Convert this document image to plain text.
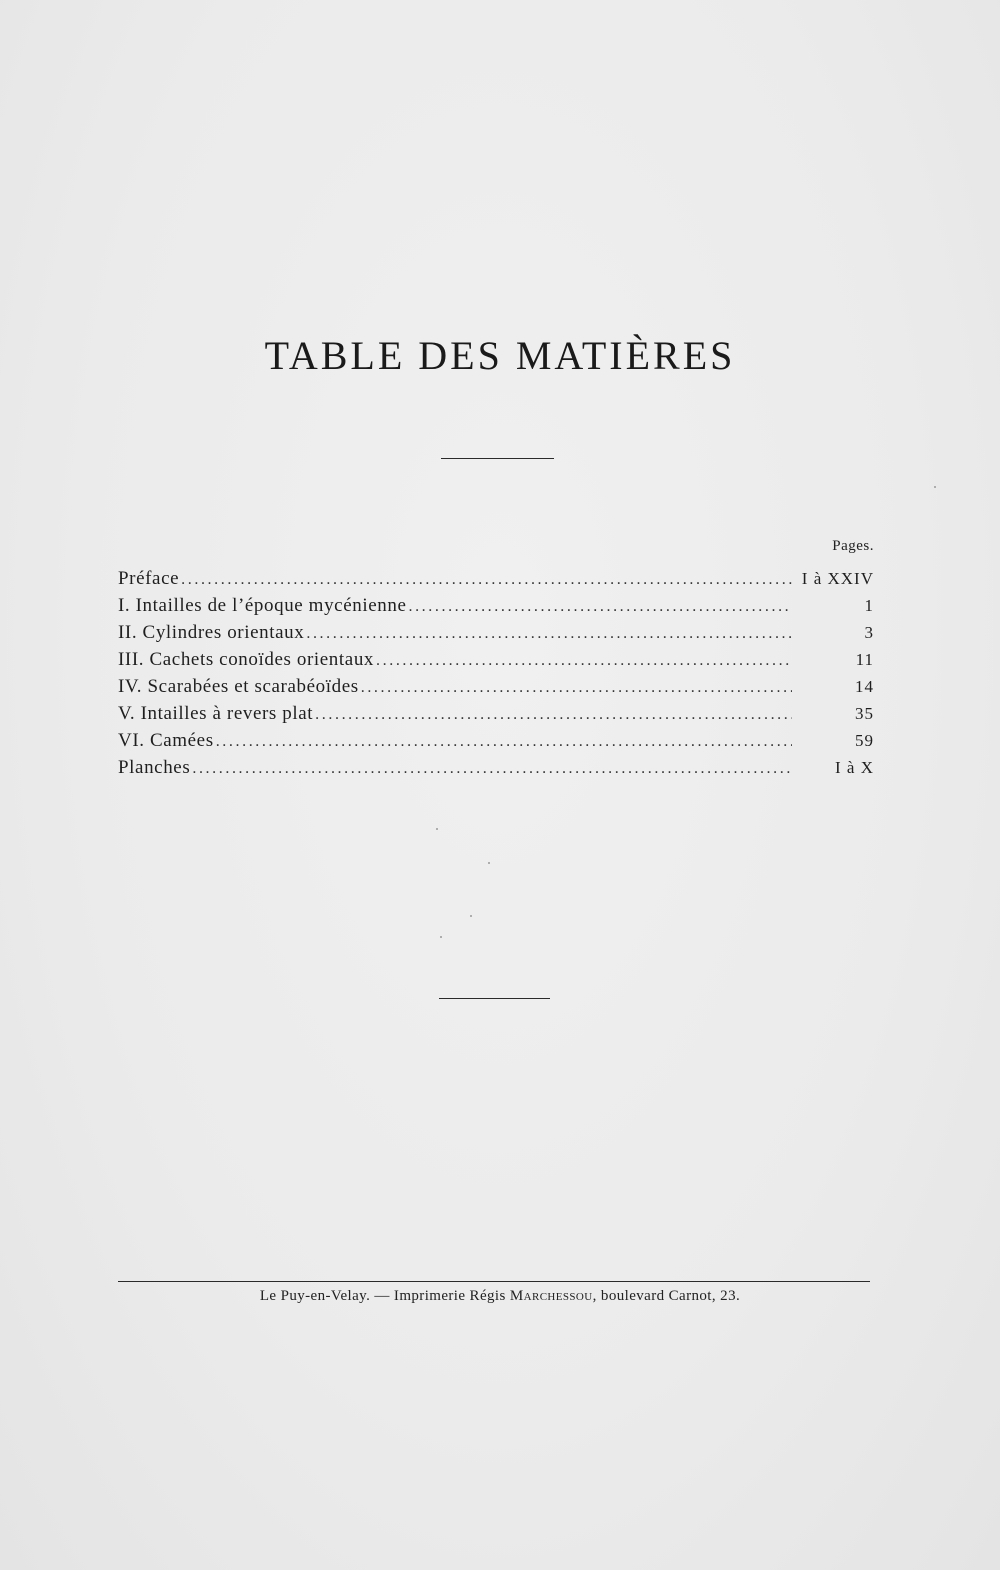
TABLE DES MATIÈRES
Pages.
Préface .....	I à XXIV
I. Intailles de l’époque mycénienne .....	1
II. Cylindres orientaux .....	3
III. Cachets conoïdes orientaux .....	11
IV. Scarabées et scarabéoïdes .....	14
V. Intailles à revers plat .....	35
VI. Camées .....	59
Planches .....	I à X
Le Puy-en-Velay. — Imprimerie Régis Marchessou, boulevard Carnot, 23.
